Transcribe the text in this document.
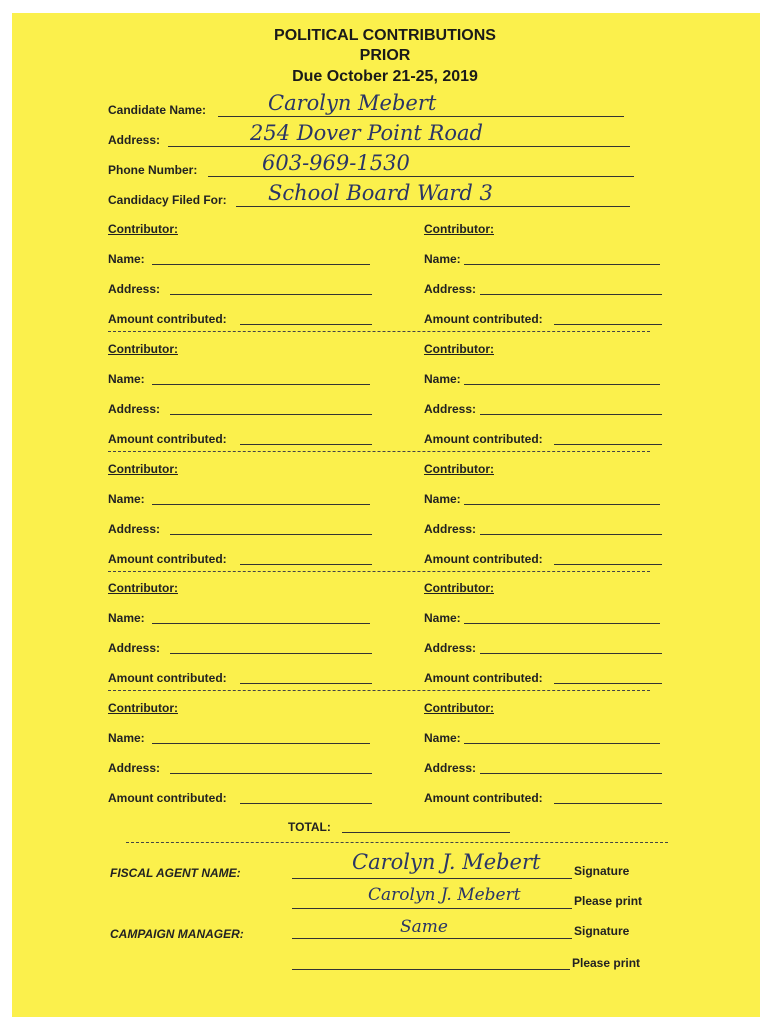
POLITICAL CONTRIBUTIONS
PRIOR
Due October 21-25, 2019
Candidate Name:	Carolyn Mebert
Address:	254 Dover Point Road
Phone Number:	603-969-1530
Candidacy Filed For: School Board Ward 3
Contributor:
Name:
Address:
Amount contributed:
Contributor:
Name:
Address:
Amount contributed:
Contributor:
Name:
Address:
Amount contributed:
Contributor:
Name:
Address:
Amount contributed:
Contributor:
Name:
Address:
Amount contributed:
Contributor:
Name:
Address:
Amount contributed:
Contributor:
Name:
Address:
Amount contributed:
Contributor:
Name:
Address:
Amount contributed:
Contributor:
Name:
Address:
Amount contributed:
Contributor:
Name:
Address:
Amount contributed:
TOTAL:
FISCAL AGENT NAME:	Carolyn J. Mebert	Signature
Carolyn J. Mebert	Please print
CAMPAIGN MANAGER:	Same	Signature
Please print
